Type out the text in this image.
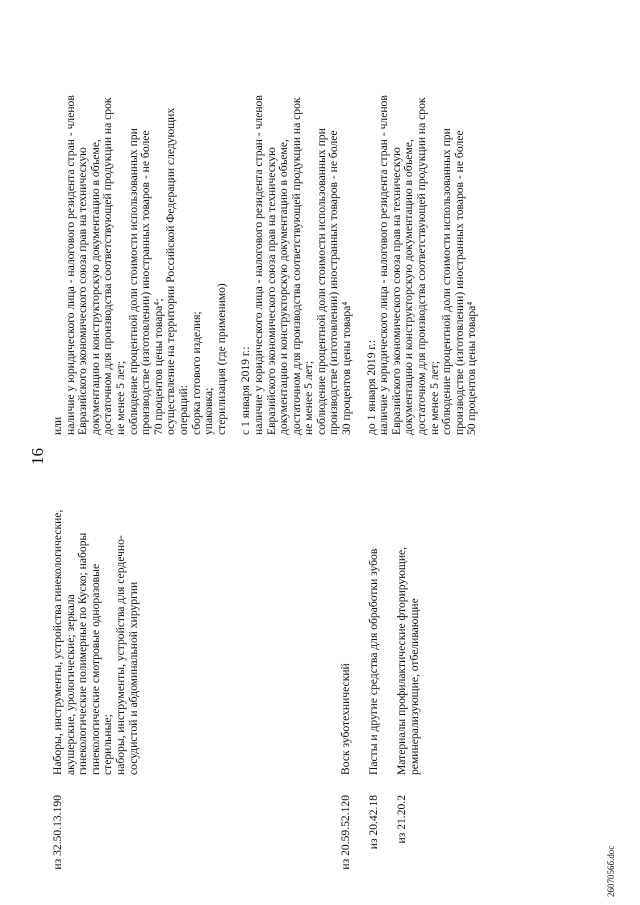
16
из 32.50.13.190
Наборы, инструменты, устройства гинекологические, акушерские, урологические; зеркала гинекологические полимерные по Куско; наборы гинекологические смотровые одноразовые стерильные; наборы, инструменты, устройства для сердечно- сосудистой и абдоминальной хирургии
или наличие у юридического лица - налогового резидента стран - членов Евразийского экономического союза прав на техническую документацию и конструкторскую документацию в объеме, достаточном для производства соответствующей продукции на срок не менее 5 лет; соблюдение процентной доли стоимости использованных при производстве (изготовлении) иностранных товаров - не более 70 процентов цены товара⁴; осуществление на территории Российской Федерации следующих операций: сборка готового изделия; упаковка; стерилизация (где применимо) с 1 января 2019 г.: наличие у юридического лица - налогового резидента стран - членов Евразийского экономического союза прав на техническую документацию и конструкторскую документацию в объеме, достаточном для производства соответствующей продукции на срок не менее 5 лет; соблюдение процентной доли стоимости использованных при производстве (изготовлении) иностранных товаров - не более 30 процентов цены товара⁴ до 1 января 2019 г.: наличие у юридического лица - налогового резидента стран - членов Евразийского экономического союза прав на техническую документацию и конструкторскую документацию в объеме, достаточном для производства соответствующей продукции на срок не менее 5 лет; соблюдение процентной доли стоимости использованных при производстве (изготовлении) иностранных товаров - не более 50 процентов цены товара⁴
из 20.59.52.120
Воск зуботехнический
из 20.42.18
Пасты и другие средства для обработки зубов
из 21.20.2
Материалы профилактические фторирующие, реминерализующие, отбеливающие
2607056б.doc
